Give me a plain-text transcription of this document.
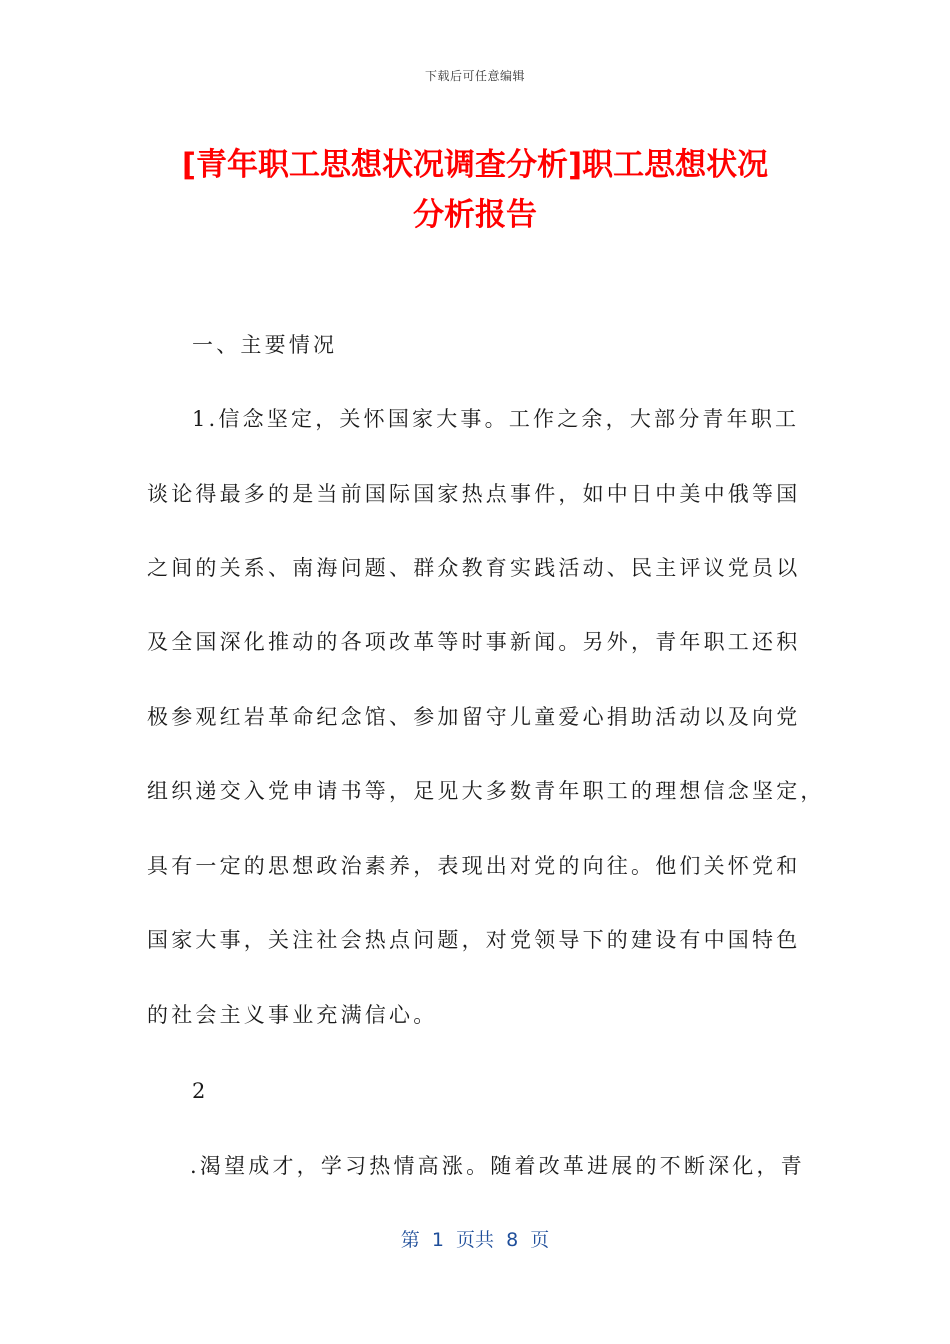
下载后可任意编辑
[青年职工思想状况调查分析]职工思想状况
分析报告
一、主要情况
1.信念坚定，关怀国家大事。工作之余，大部分青年职工
谈论得最多的是当前国际国家热点事件，如中日中美中俄等国
之间的关系、南海问题、群众教育实践活动、民主评议党员以
及全国深化推动的各项改革等时事新闻。另外，青年职工还积
极参观红岩革命纪念馆、参加留守儿童爱心捐助活动以及向党
组织递交入党申请书等，足见大多数青年职工的理想信念坚定，
具有一定的思想政治素养，表现出对党的向往。他们关怀党和
国家大事，关注社会热点问题，对党领导下的建设有中国特色
的社会主义事业充满信心。
2
.渴望成才，学习热情高涨。随着改革进展的不断深化，青
第  1  页共  8  页
